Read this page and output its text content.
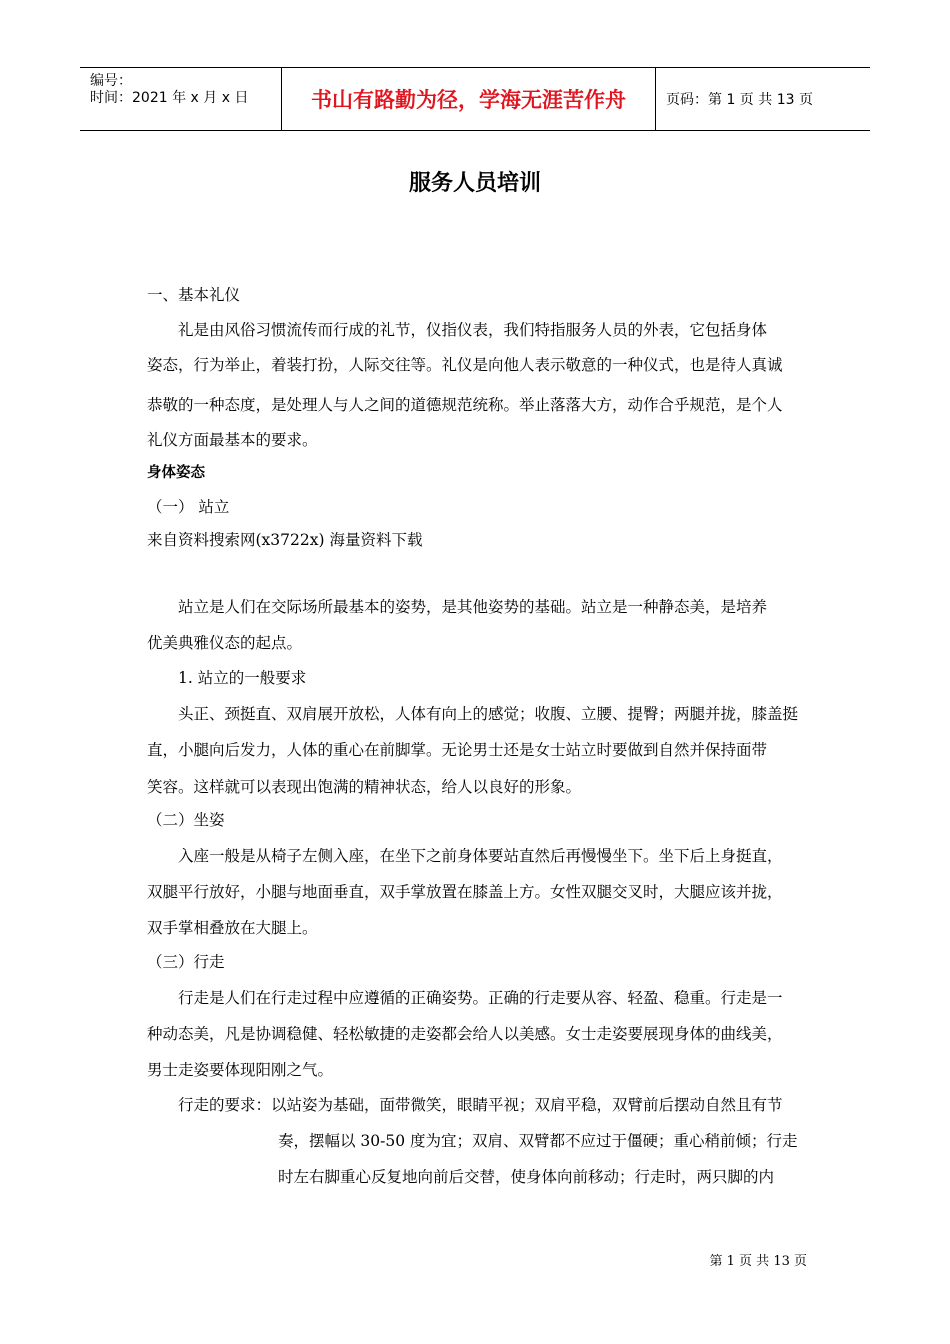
编号：
时间：2021 年 x 月 x 日	书山有路勤为径，学海无涯苦作舟	页码：第 1 页 共 13 页
服务人员培训
一、基本礼仪
礼是由风俗习惯流传而行成的礼节，仪指仪表，我们特指服务人员的外表，它包括身体
姿态，行为举止，着装打扮，人际交往等。礼仪是向他人表示敬意的一种仪式，也是待人真诚
恭敬的一种态度，是处理人与人之间的道德规范统称。举止落落大方，动作合乎规范，是个人
礼仪方面最基本的要求。
身体姿态
（一） 站立
来自资料搜索网(x3722x) 海量资料下载
站立是人们在交际场所最基本的姿势，是其他姿势的基础。站立是一种静态美，是培养
优美典雅仪态的起点。
1. 站立的一般要求
头正、颈挺直、双肩展开放松，人体有向上的感觉；收腹、立腰、提臀；两腿并拢，膝盖挺
直，小腿向后发力，人体的重心在前脚掌。无论男士还是女士站立时要做到自然并保持面带
笑容。这样就可以表现出饱满的精神状态，给人以良好的形象。
（二）坐姿
入座一般是从椅子左侧入座，在坐下之前身体要站直然后再慢慢坐下。坐下后上身挺直，
双腿平行放好，小腿与地面垂直，双手掌放置在膝盖上方。女性双腿交叉时，大腿应该并拢，
双手掌相叠放在大腿上。
（三）行走
行走是人们在行走过程中应遵循的正确姿势。正确的行走要从容、轻盈、稳重。行走是一
种动态美，凡是协调稳健、轻松敏捷的走姿都会给人以美感。女士走姿要展现身体的曲线美，
男士走姿要体现阳刚之气。
行走的要求：以站姿为基础，面带微笑，眼睛平视；双肩平稳，双臂前后摆动自然且有节
奏，摆幅以 30-50 度为宜；双肩、双臂都不应过于僵硬；重心稍前倾；行走
时左右脚重心反复地向前后交替，使身体向前移动；行走时，两只脚的内
第 1 页 共 13 页
